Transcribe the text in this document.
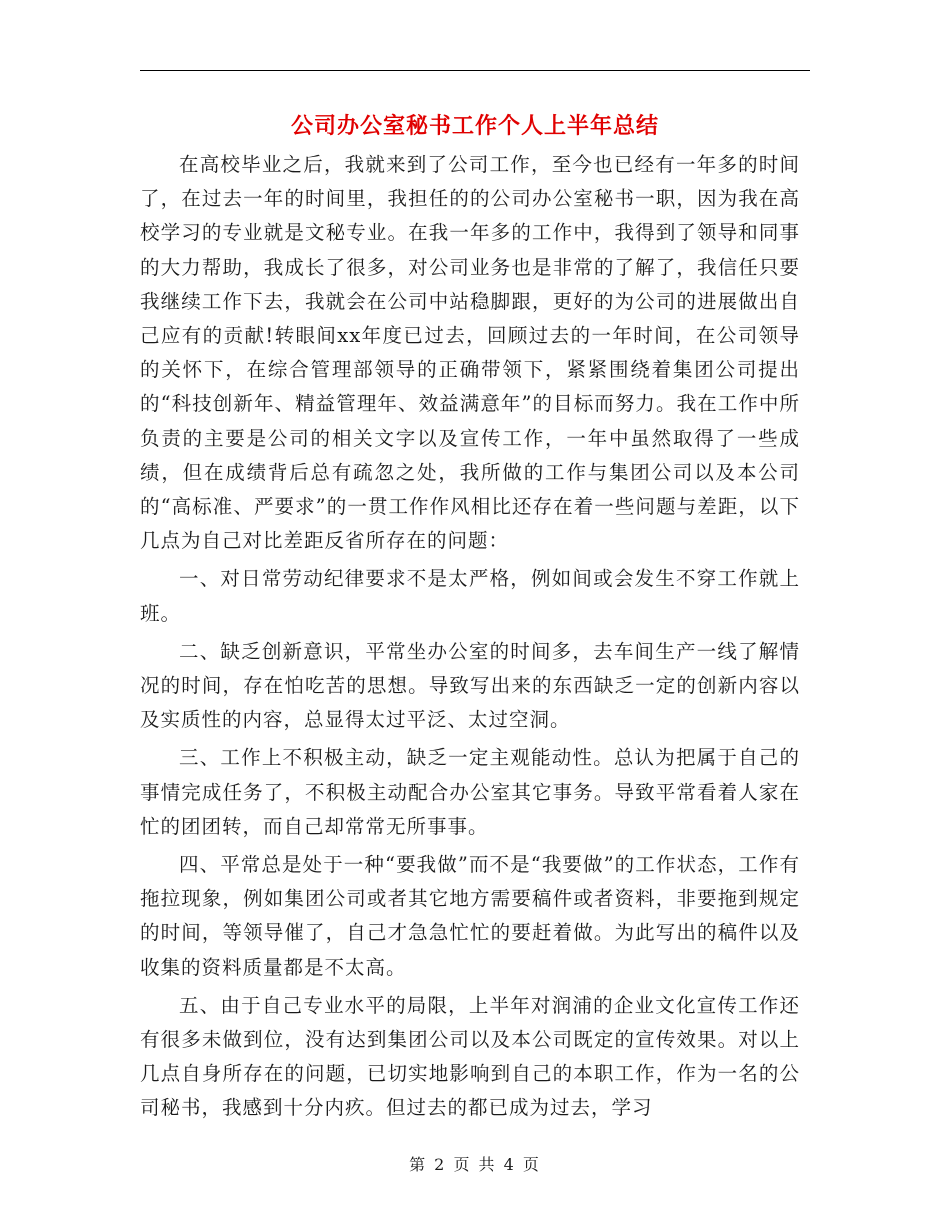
公司办公室秘书工作个人上半年总结

在高校毕业之后，我就来到了公司工作，至今也已经有一年多的时间了，在过去一年的时间里，我担任的的公司办公室秘书一职，因为我在高校学习的专业就是文秘专业。在我一年多的工作中，我得到了领导和同事的大力帮助，我成长了很多，对公司业务也是非常的了解了，我信任只要我继续工作下去，我就会在公司中站稳脚跟，更好的为公司的进展做出自己应有的贡献!转眼间xx年度已过去，回顾过去的一年时间，在公司领导的关怀下，在综合管理部领导的正确带领下，紧紧围绕着集团公司提出的“科技创新年、精益管理年、效益满意年”的目标而努力。我在工作中所负责的主要是公司的相关文字以及宣传工作，一年中虽然取得了一些成绩，但在成绩背后总有疏忽之处，我所做的工作与集团公司以及本公司的“高标准、严要求”的一贯工作作风相比还存在着一些问题与差距，以下几点为自己对比差距反省所存在的问题：

一、对日常劳动纪律要求不是太严格，例如间或会发生不穿工作就上班。

二、缺乏创新意识，平常坐办公室的时间多，去车间生产一线了解情况的时间，存在怕吃苦的思想。导致写出来的东西缺乏一定的创新内容以及实质性的内容，总显得太过平泛、太过空洞。

三、工作上不积极主动，缺乏一定主观能动性。总认为把属于自己的事情完成任务了，不积极主动配合办公室其它事务。导致平常看着人家在忙的团团转，而自己却常常无所事事。

四、平常总是处于一种“要我做”而不是“我要做”的工作状态，工作有拖拉现象，例如集团公司或者其它地方需要稿件或者资料，非要拖到规定的时间，等领导催了，自己才急急忙忙的要赶着做。为此写出的稿件以及收集的资料质量都是不太高。

五、由于自己专业水平的局限，上半年对润浦的企业文化宣传工作还有很多未做到位，没有达到集团公司以及本公司既定的宣传效果。对以上几点自身所存在的问题，已切实地影响到自己的本职工作，作为一名的公司秘书，我感到十分内疚。但过去的都已成为过去，学习

第 2 页 共 4 页
